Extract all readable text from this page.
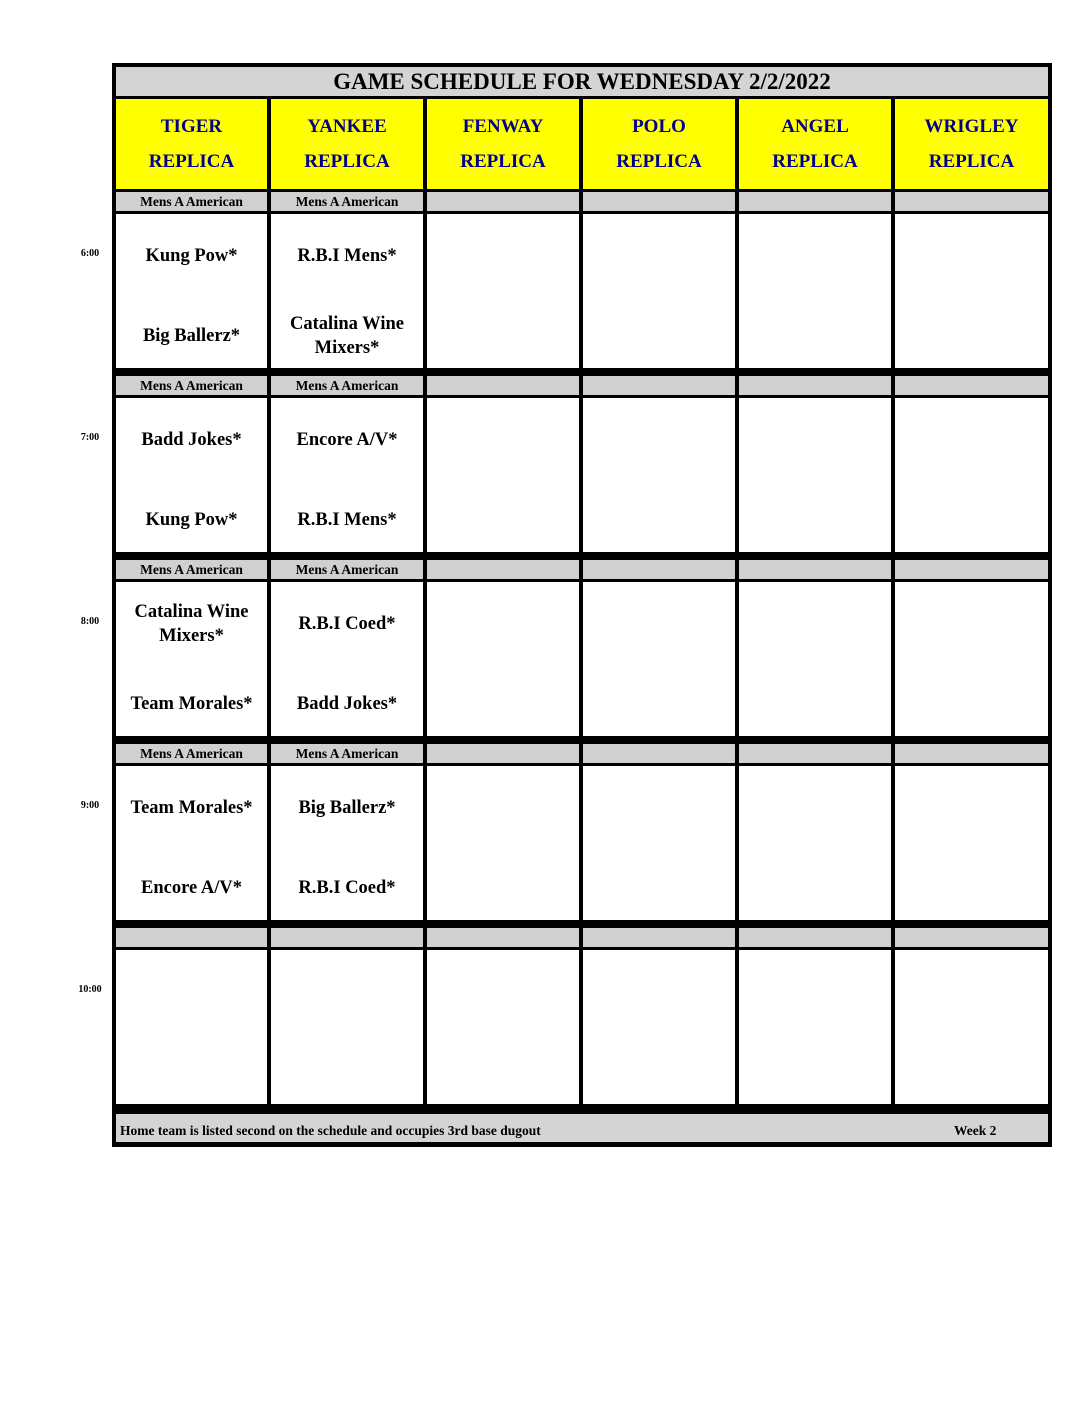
GAME SCHEDULE FOR WEDNESDAY 2/2/2022
TIGER
REPLICA
YANKEE
REPLICA
FENWAY
REPLICA
POLO
REPLICA
ANGEL
REPLICA
WRIGLEY
REPLICA
Mens A American
Kung Pow*
Big Ballerz*
Mens A American
R.B.I Mens*
Catalina Wine Mixers*
Mens A American
Badd Jokes*
Kung Pow*
Mens A American
Encore A/V*
R.B.I Mens*
Mens A American
Catalina Wine Mixers*
Team Morales*
Mens A American
R.B.I Coed*
Badd Jokes*
Mens A American
Team Morales*
Encore A/V*
Mens A American
Big Ballerz*
R.B.I Coed*
Home team is listed second on the schedule and occupies 3rd base dugout	Week 2
6:00
7:00
8:00
9:00
10:00
